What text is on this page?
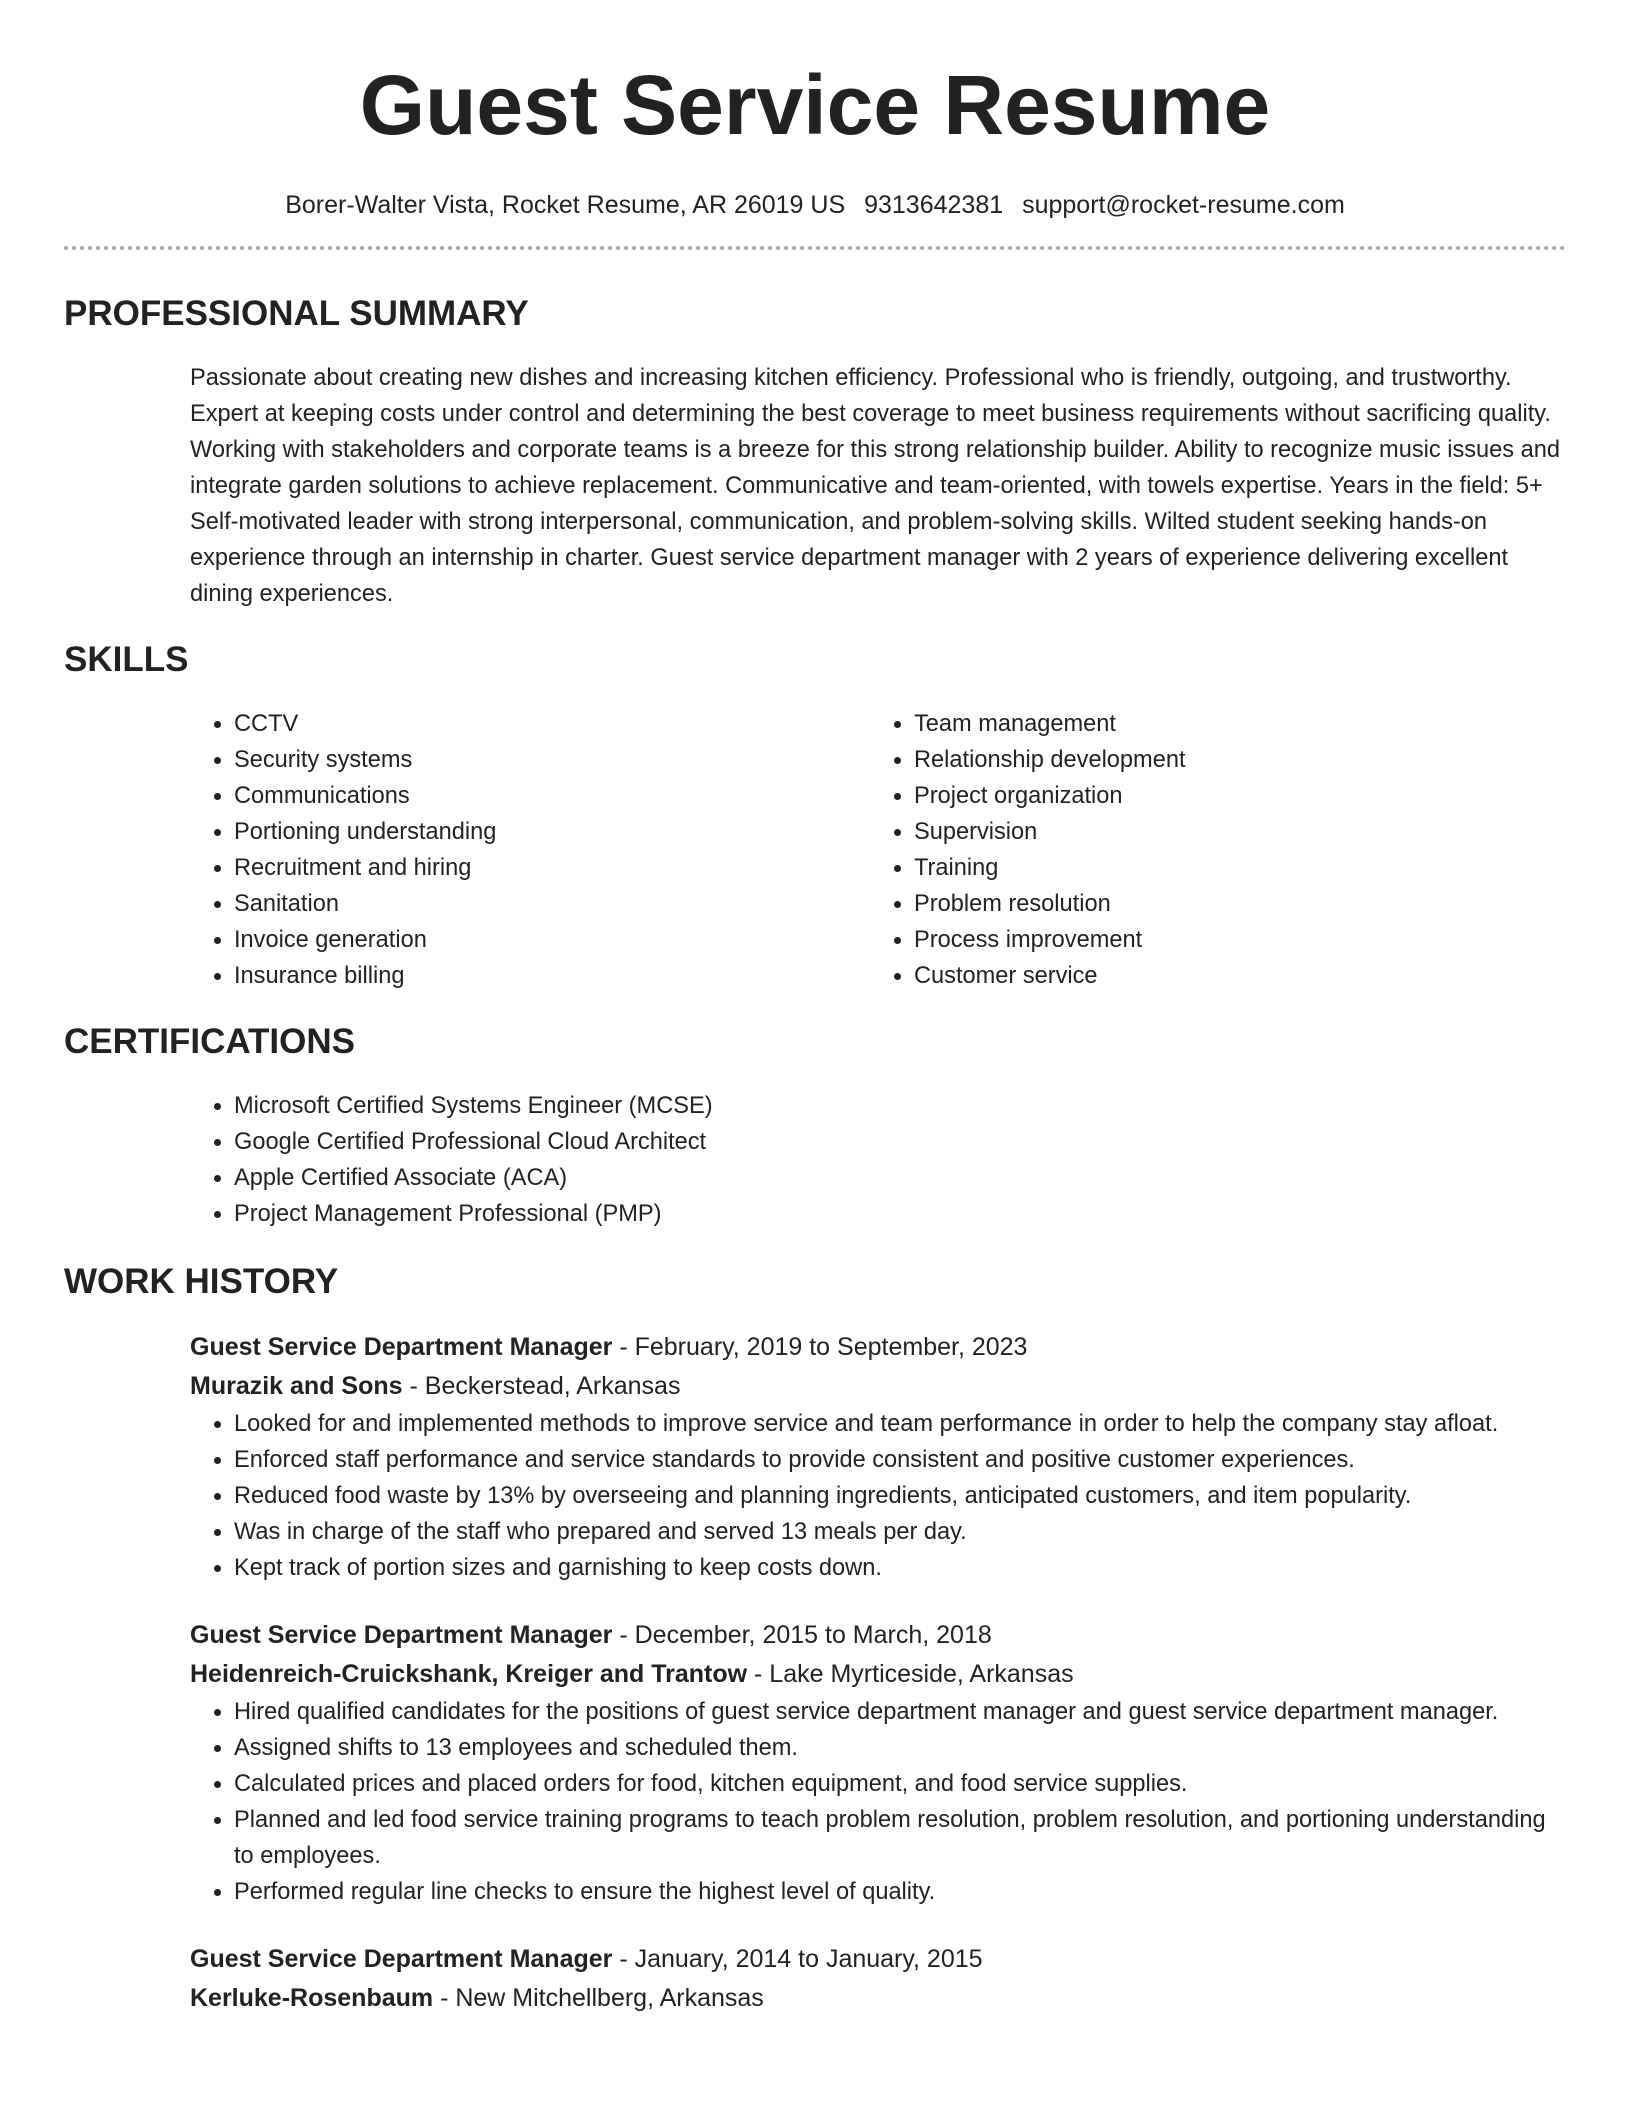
Guest Service Resume
Borer-Walter Vista, Rocket Resume, AR 26019 US 9313642381 support@rocket-resume.com
PROFESSIONAL SUMMARY
Passionate about creating new dishes and increasing kitchen efficiency. Professional who is friendly, outgoing, and trustworthy. Expert at keeping costs under control and determining the best coverage to meet business requirements without sacrificing quality. Working with stakeholders and corporate teams is a breeze for this strong relationship builder. Ability to recognize music issues and integrate garden solutions to achieve replacement. Communicative and team-oriented, with towels expertise. Years in the field: 5+ Self-motivated leader with strong interpersonal, communication, and problem-solving skills. Wilted student seeking hands-on experience through an internship in charter. Guest service department manager with 2 years of experience delivering excellent dining experiences.
SKILLS
• CCTV
• Security systems
• Communications
• Portioning understanding
• Recruitment and hiring
• Sanitation
• Invoice generation
• Insurance billing
• Team management
• Relationship development
• Project organization
• Supervision
• Training
• Problem resolution
• Process improvement
• Customer service
CERTIFICATIONS
• Microsoft Certified Systems Engineer (MCSE)
• Google Certified Professional Cloud Architect
• Apple Certified Associate (ACA)
• Project Management Professional (PMP)
WORK HISTORY
Guest Service Department Manager - February, 2019 to September, 2023
Murazik and Sons - Beckerstead, Arkansas
• Looked for and implemented methods to improve service and team performance in order to help the company stay afloat.
• Enforced staff performance and service standards to provide consistent and positive customer experiences.
• Reduced food waste by 13% by overseeing and planning ingredients, anticipated customers, and item popularity.
• Was in charge of the staff who prepared and served 13 meals per day.
• Kept track of portion sizes and garnishing to keep costs down.
Guest Service Department Manager - December, 2015 to March, 2018
Heidenreich-Cruickshank, Kreiger and Trantow - Lake Myrticeside, Arkansas
• Hired qualified candidates for the positions of guest service department manager and guest service department manager.
• Assigned shifts to 13 employees and scheduled them.
• Calculated prices and placed orders for food, kitchen equipment, and food service supplies.
• Planned and led food service training programs to teach problem resolution, problem resolution, and portioning understanding to employees.
• Performed regular line checks to ensure the highest level of quality.
Guest Service Department Manager - January, 2014 to January, 2015
Kerluke-Rosenbaum - New Mitchellberg, Arkansas
